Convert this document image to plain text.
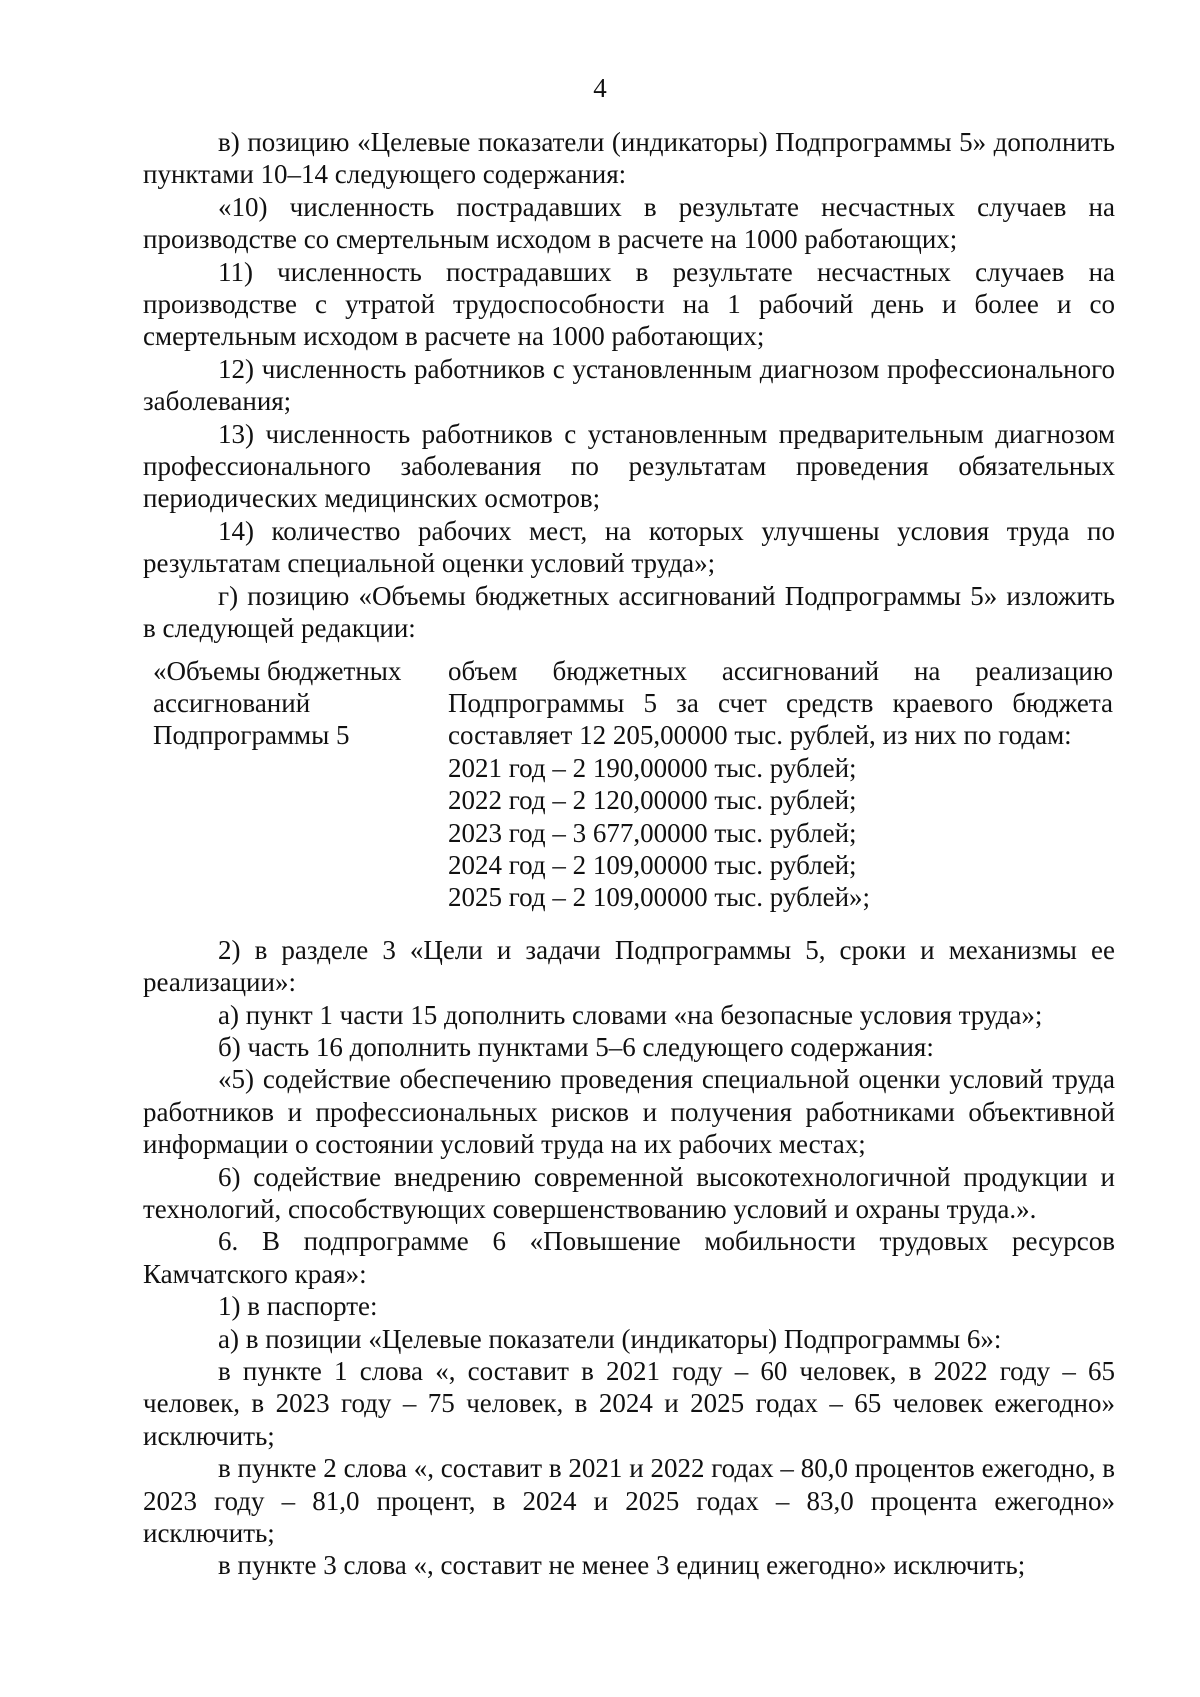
4

в) позицию «Целевые показатели (индикаторы) Подпрограммы 5» дополнить пунктами 10–14 следующего содержания:

«10) численность пострадавших в результате несчастных случаев на производстве со смертельным исходом в расчете на 1000 работающих;

11) численность пострадавших в результате несчастных случаев на производстве с утратой трудоспособности на 1 рабочий день и более и со смертельным исходом в расчете на 1000 работающих;

12) численность работников с установленным диагнозом профессионального заболевания;

13) численность работников с установленным предварительным диагнозом профессионального заболевания по результатам проведения обязательных периодических медицинских осмотров;

14) количество рабочих мест, на которых улучшены условия труда по результатам специальной оценки условий труда»;

г) позицию «Объемы бюджетных ассигнований Подпрограммы 5» изложить в следующей редакции:

«Объемы бюджетных
ассигнований
Подпрограммы 5
объем бюджетных ассигнований на реализацию Подпрограммы 5 за счет средств краевого бюджета составляет 12 205,00000 тыс. рублей, из них по годам:
2021 год – 2 190,00000 тыс. рублей;
2022 год – 2 120,00000 тыс. рублей;
2023 год – 3 677,00000 тыс. рублей;
2024 год – 2 109,00000 тыс. рублей;
2025 год – 2 109,00000 тыс. рублей»;

2) в разделе 3 «Цели и задачи Подпрограммы 5, сроки и механизмы ее реализации»:

а) пункт 1 части 15 дополнить словами «на безопасные условия труда»;

б) часть 16 дополнить пунктами 5–6 следующего содержания:

«5) содействие обеспечению проведения специальной оценки условий труда работников и профессиональных рисков и получения работниками объективной информации о состоянии условий труда на их рабочих местах;

6) содействие внедрению современной высокотехнологичной продукции и технологий, способствующих совершенствованию условий и охраны труда.».

6. В подпрограмме 6 «Повышение мобильности трудовых ресурсов Камчатского края»:

1) в паспорте:

а) в позиции «Целевые показатели (индикаторы) Подпрограммы 6»:

в пункте 1 слова «, составит в 2021 году – 60 человек, в 2022 году – 65 человек, в 2023 году – 75 человек, в 2024 и 2025 годах – 65 человек ежегодно» исключить;

в пункте 2 слова «, составит в 2021 и 2022 годах – 80,0 процентов ежегодно, в 2023 году – 81,0 процент, в 2024 и 2025 годах – 83,0 процента ежегодно» исключить;

в пункте 3 слова «, составит не менее 3 единиц ежегодно» исключить;
